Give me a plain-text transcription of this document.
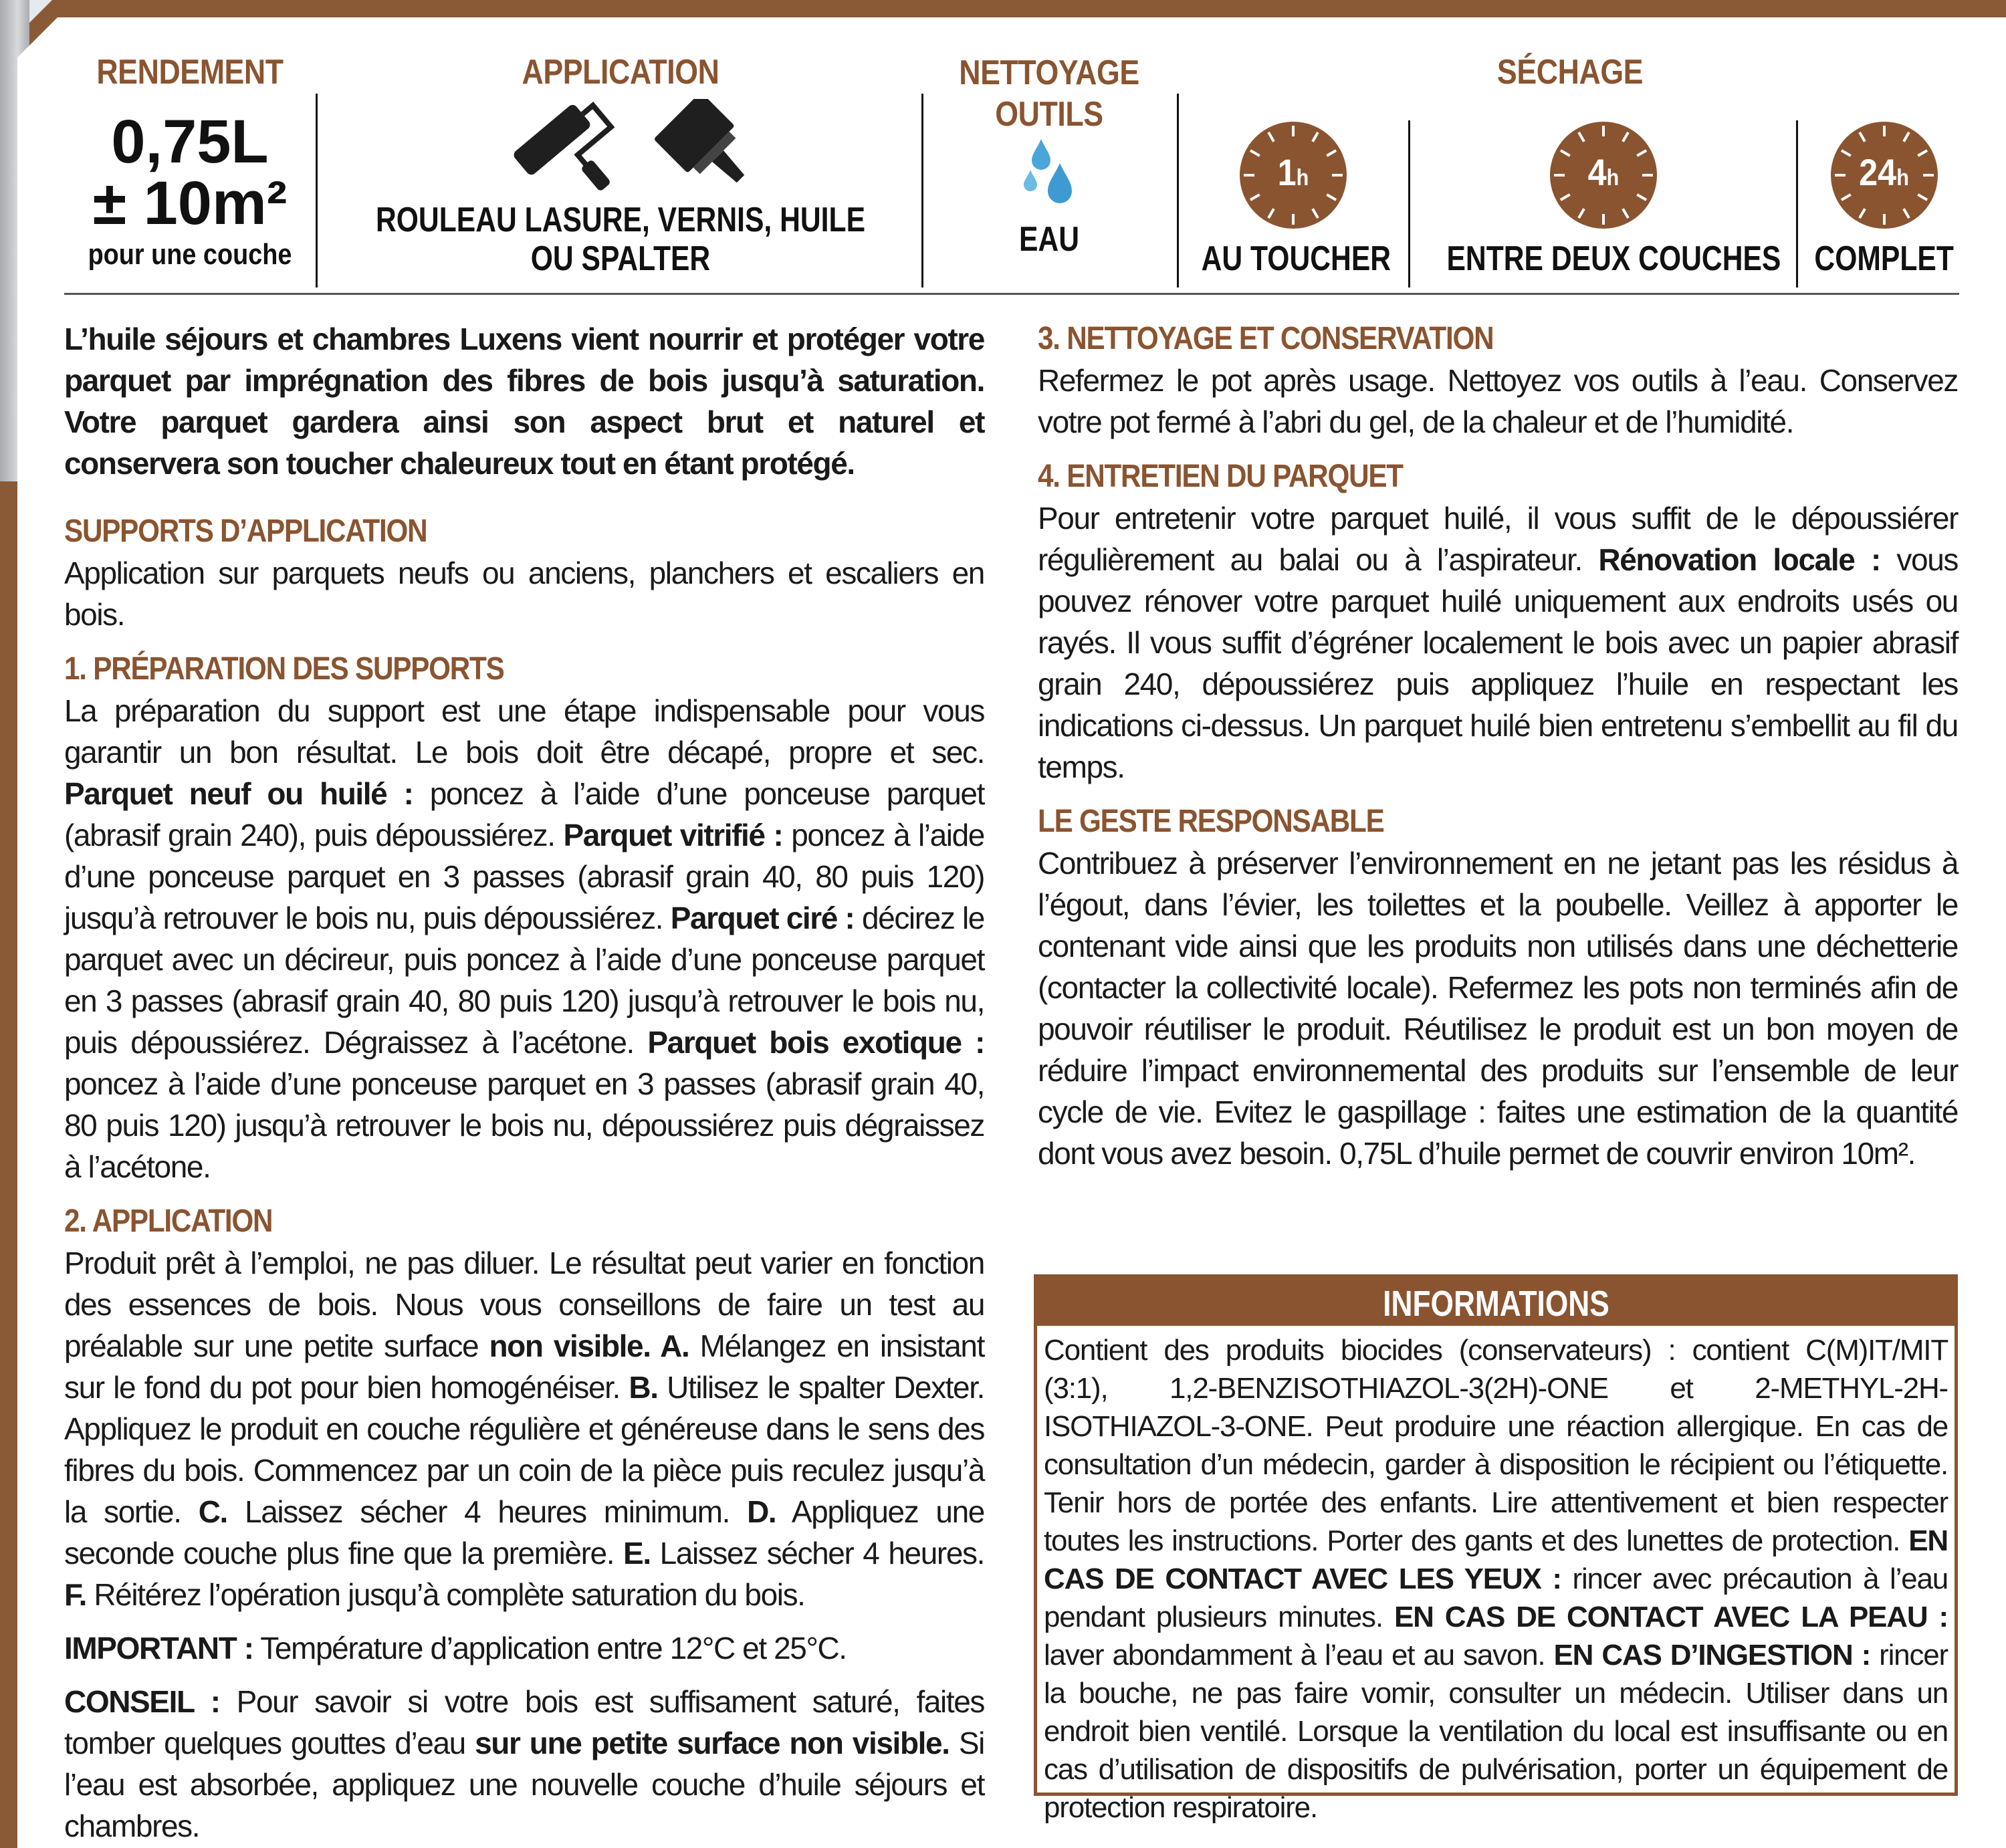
RENDEMENT
0,75L
± 10m²
pour une couche
APPLICATION
ROULEAU LASURE, VERNIS, HUILE
OU SPALTER
NETTOYAGE
OUTILS
EAU
SÉCHAGE
1h
AU TOUCHER
4h
ENTRE DEUX COUCHES
24h
COMPLET

L’huile séjours et chambres Luxens vient nourrir et protéger votre parquet par imprégnation des fibres de bois jusqu’à saturation. Votre parquet gardera ainsi son aspect brut et naturel et conservera son toucher chaleureux tout en étant protégé.

SUPPORTS D’APPLICATION

Application sur parquets neufs ou anciens, planchers et escaliers en bois.

1. PRÉPARATION DES SUPPORTS

La préparation du support est une étape indispensable pour vous garantir un bon résultat. Le bois doit être décapé, propre et sec. Parquet neuf ou huilé : poncez à l’aide d’une ponceuse parquet (abrasif grain 240), puis dépoussiérez. Parquet vitrifié : poncez à l’aide d’une ponceuse parquet en 3 passes (abrasif grain 40, 80 puis 120) jusqu’à retrouver le bois nu, puis dépoussiérez. Parquet ciré : décirez le parquet avec un décireur, puis poncez à l’aide d’une ponceuse parquet en 3 passes (abrasif grain 40, 80 puis 120) jusqu’à retrouver le bois nu, puis dépoussiérez. Dégraissez à l’acétone. Parquet bois exotique : poncez à l’aide d’une ponceuse parquet en 3 passes (abrasif grain 40, 80 puis 120) jusqu’à retrouver le bois nu, dépoussiérez puis dégraissez à l’acétone.

2. APPLICATION

Produit prêt à l’emploi, ne pas diluer. Le résultat peut varier en fonction des essences de bois. Nous vous conseillons de faire un test au préalable sur une petite surface non visible. A. Mélangez en insistant sur le fond du pot pour bien homogénéiser. B. Utilisez le spalter Dexter. Appliquez le produit en couche régulière et généreuse dans le sens des fibres du bois. Commencez par un coin de la pièce puis reculez jusqu’à la sortie. C. Laissez sécher 4 heures minimum. D. Appliquez une seconde couche plus fine que la première. E. Laissez sécher 4 heures. F. Réitérez l’opération jusqu’à complète saturation du bois.

IMPORTANT : Température d’application entre 12°C et 25°C.

CONSEIL : Pour savoir si votre bois est suffisament saturé, faites tomber quelques gouttes d’eau sur une petite surface non visible. Si l’eau est absorbée, appliquez une nouvelle couche d’huile séjours et chambres.

3. NETTOYAGE ET CONSERVATION

Refermez le pot après usage. Nettoyez vos outils à l’eau. Conservez votre pot fermé à l’abri du gel, de la chaleur et de l’humidité.

4. ENTRETIEN DU PARQUET

Pour entretenir votre parquet huilé, il vous suffit de le dépoussiérer régulièrement au balai ou à l’aspirateur. Rénovation locale : vous pouvez rénover votre parquet huilé uniquement aux endroits usés ou rayés. Il vous suffit d’égréner localement le bois avec un papier abrasif grain 240, dépoussiérez puis appliquez l’huile en respectant les indications ci-dessus. Un parquet huilé bien entretenu s’embellit au fil du temps.

LE GESTE RESPONSABLE

Contribuez à préserver l’environnement en ne jetant pas les résidus à l’égout, dans l’évier, les toilettes et la poubelle. Veillez à apporter le contenant vide ainsi que les produits non utilisés dans une déchetterie (contacter la collectivité locale). Refermez les pots non terminés afin de pouvoir réutiliser le produit. Réutilisez le produit est un bon moyen de réduire l’impact environnemental des produits sur l’ensemble de leur cycle de vie. Evitez le gaspillage : faites une estimation de la quantité dont vous avez besoin. 0,75L d’huile permet de couvrir environ 10m².

INFORMATIONS
Contient des produits biocides (conservateurs) : contient C(M)IT/MIT (3:1), 1,2-BENZISOTHIAZOL-3(2H)-ONE et 2-METHYL-2H-ISOTHIAZOL-3-ONE. Peut produire une réaction allergique. En cas de consultation d’un médecin, garder à disposition le récipient ou l’étiquette. Tenir hors de portée des enfants. Lire attentivement et bien respecter toutes les instructions. Porter des gants et des lunettes de protection. EN CAS DE CONTACT AVEC LES YEUX : rincer avec précaution à l’eau pendant plusieurs minutes. EN CAS DE CONTACT AVEC LA PEAU : laver abondamment à l’eau et au savon. EN CAS D’INGESTION : rincer la bouche, ne pas faire vomir, consulter un médecin. Utiliser dans un endroit bien ventilé. Lorsque la ventilation du local est insuffisante ou en cas d’utilisation de dispositifs de pulvérisation, porter un équipement de protection respiratoire.
